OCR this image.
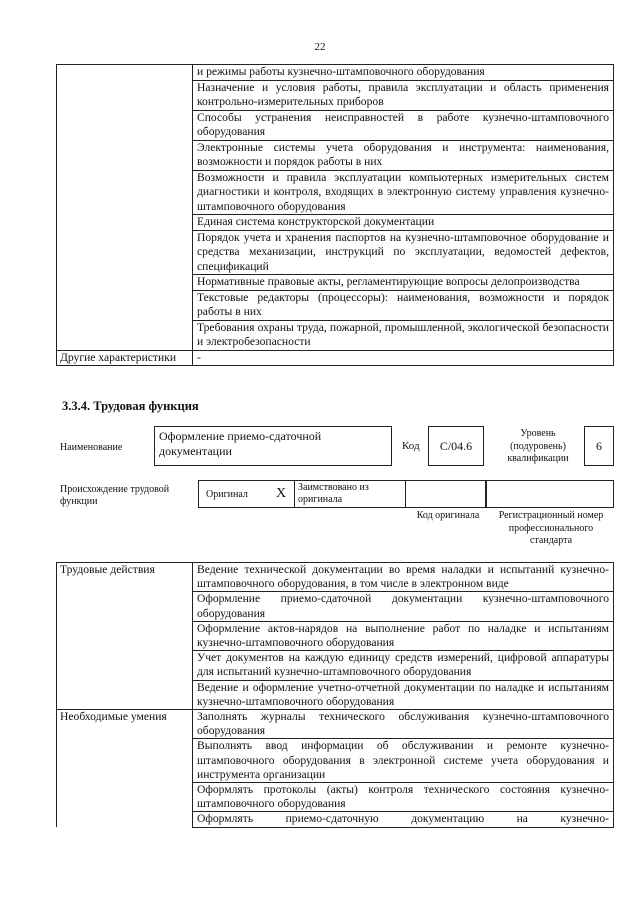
22
	и режимы работы кузнечно-штамповочного оборудования
	Назначение и условия работы, правила эксплуатации и область применения контрольно-измерительных приборов
	Способы устранения неисправностей в работе кузнечно-штамповочного оборудования
	Электронные системы учета оборудования и инструмента: наименования, возможности и порядок работы в них
	Возможности и правила эксплуатации компьютерных измерительных систем диагностики и контроля, входящих в электронную систему управления кузнечно-штамповочного оборудования
	Единая система конструкторской документации
	Порядок учета и хранения паспортов на кузнечно-штамповочное оборудование и средства механизации, инструкций по эксплуатации, ведомостей дефектов, спецификаций
	Нормативные правовые акты, регламентирующие вопросы делопроизводства
	Текстовые редакторы (процессоры): наименования, возможности и порядок работы в них
	Требования охраны труда, пожарной, промышленной, экологической безопасности и электробезопасности
Другие характеристики	-
3.3.4. Трудовая функция
Наименование
Оформление приемо-сдаточной документации	Код	C/04.6
Уровень (подуровень) квалификации
6
Происхождение трудовой функции
Оригинал X Заимствовано из оригинала
Код оригинала	Регистрационный номер профессионального стандарта
Трудовые действия	Ведение технической документации во время наладки и испытаний кузнечно-штамповочного оборудования, в том числе в электронном виде
	Оформление приемо-сдаточной документации кузнечно-штамповочного оборудования
	Оформление актов-нарядов на выполнение работ по наладке и испытаниям кузнечно-штамповочного оборудования
	Учет документов на каждую единицу средств измерений, цифровой аппаратуры для испытаний кузнечно-штамповочного оборудования
	Ведение и оформление учетно-отчетной документации по наладке и испытаниям кузнечно-штамповочного оборудования
Необходимые умения	Заполнять журналы технического обслуживания кузнечно-штамповочного оборудования
	Выполнять ввод информации об обслуживании и ремонте кузнечно-штамповочного оборудования в электронной системе учета оборудования и инструмента организации
	Оформлять протоколы (акты) контроля технического состояния кузнечно-штамповочного оборудования
	Оформлять приемо-сдаточную документацию на кузнечно-
